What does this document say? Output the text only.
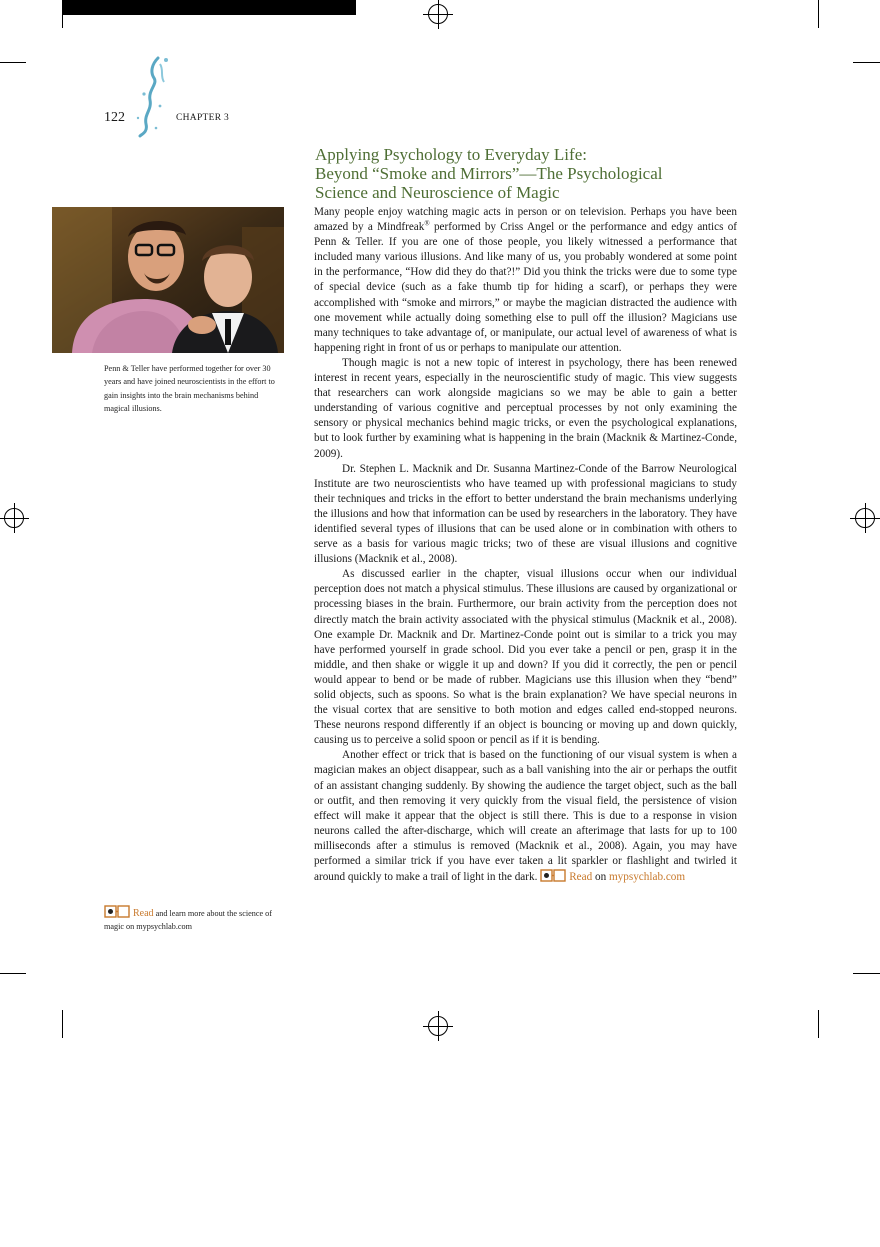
122	CHAPTER 3
Applying Psychology to Everyday Life:
Beyond “Smoke and Mirrors”—The Psychological
Science and Neuroscience of Magic
Penn & Teller have performed together for over 30 years and have joined neuroscientists in the effort to gain insights into the brain mechanisms behind magical illusions.

Many people enjoy watching magic acts in person or on television. Perhaps you have been amazed by a Mindfreak® performed by Criss Angel or the performance and edgy antics of Penn & Teller. If you are one of those people, you likely witnessed a performance that included many various illusions. And like many of us, you probably wondered at some point in the performance, “How did they do that?!” Did you think the tricks were due to some type of special device (such as a fake thumb tip for hiding a scarf), or perhaps they were accomplished with “smoke and mirrors,” or maybe the magician distracted the audience with one movement while actually doing something else to pull off the illusion? Magicians use many techniques to take advantage of, or manipulate, our actual level of awareness of what is happening right in front of us or perhaps to manipulate our attention.

Though magic is not a new topic of interest in psychology, there has been renewed interest in recent years, especially in the neuroscientific study of magic. This view suggests that researchers can work alongside magicians so we may be able to gain a better understanding of various cognitive and perceptual processes by not only examining the sensory or physical mechanics behind magic tricks, or even the psychological explanations, but to look further by examining what is happening in the brain (Macknik & Martinez-Conde, 2009).

Dr. Stephen L. Macknik and Dr. Susanna Martinez-Conde of the Barrow Neurological Institute are two neuroscientists who have teamed up with professional magicians to study their techniques and tricks in the effort to better understand the brain mechanisms underlying the illusions and how that information can be used by researchers in the laboratory. They have identified several types of illusions that can be used alone or in combination with others to serve as a basis for various magic tricks; two of these are visual illusions and cognitive illusions (Macknik et al., 2008).

As discussed earlier in the chapter, visual illusions occur when our individual perception does not match a physical stimulus. These illusions are caused by organizational or processing biases in the brain. Furthermore, our brain activity from the perception does not directly match the brain activity associated with the physical stimulus (Macknik et al., 2008). One example Dr. Macknik and Dr. Martinez-Conde point out is similar to a trick you may have performed yourself in grade school. Did you ever take a pencil or pen, grasp it in the middle, and then shake or wiggle it up and down? If you did it correctly, the pen or pencil would appear to bend or be made of rubber. Magicians use this illusion when they “bend” solid objects, such as spoons. So what is the brain explanation? We have special neurons in the visual cortex that are sensitive to both motion and edges called end-stopped neurons. These neurons respond differently if an object is bouncing or moving up and down quickly, causing us to perceive a solid spoon or pencil as if it is bending.

Another effect or trick that is based on the functioning of our visual system is when a magician makes an object disappear, such as a ball vanishing into the air or perhaps the outfit of an assistant changing suddenly. By showing the audience the target object, such as the ball or outfit, and then removing it very quickly from the visual field, the persistence of vision effect will make it appear that the object is still there. This is due to a response in vision neurons called the after-discharge, which will create an afterimage that lasts for up to 100 milliseconds after a stimulus is removed (Macknik et al., 2008). Again, you may have performed a similar trick if you have ever taken a lit sparkler or flashlight and twirled it around quickly to make a trail of light in the dark.	Read on mypsychlab.com

Read and learn more about the science of magic on mypsychlab.com
